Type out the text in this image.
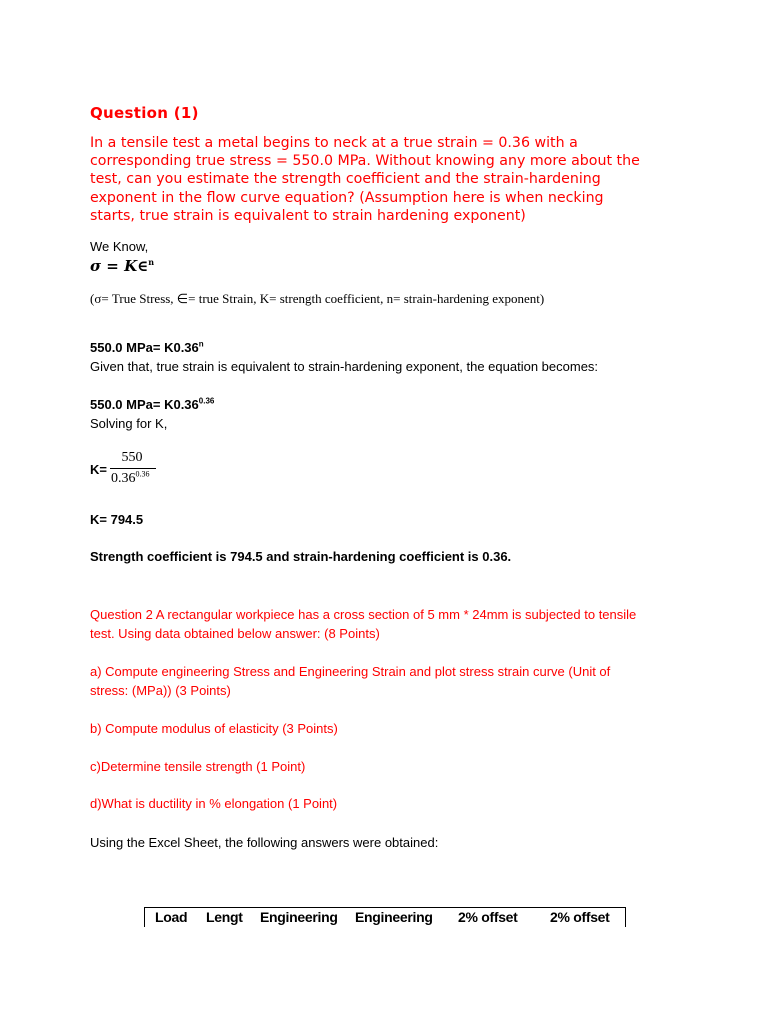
Question (1)
In a tensile test a metal begins to neck at a true strain = 0.36 with a
corresponding true stress = 550.0 MPa. Without knowing any more about the
test, can you estimate the strength coefficient and the strain-hardening
exponent in the flow curve equation? (Assumption here is when necking
starts, true strain is equivalent to strain hardening exponent)
We Know,
σ = K∈$^n$
(σ= True Stress, ∈= true Strain, K= strength coefficient, n= strain-hardening exponent)
550.0 $MPa= K0.36^n$
Given that, true strain is equivalent to strain-hardening exponent, the equation becomes:
550.0 $MPa= K0.36^{0.36}$
Solving for K,
K=
550
$0.36^{0.36}$
K= 794.5
Strength coefficient is 794.5 and strain-hardening coefficient is 0.36.
Question 2 A rectangular workpiece has a cross section of 5 mm * 24mm is subjected to tensile
test. Using data obtained below answer: (8 Points)
a) Compute engineering Stress and Engineering Strain and plot stress strain curve (Unit of
stress: (MPa)) (3 Points)
b) Compute modulus of elasticity (3 Points)
c)Determine tensile strength (1 Point)
d)What is ductility in % elongation (1 Point)
Using the Excel Sheet, the following answers were obtained:
Load Lengt Engineering Engineering 2% offset 2% offset
